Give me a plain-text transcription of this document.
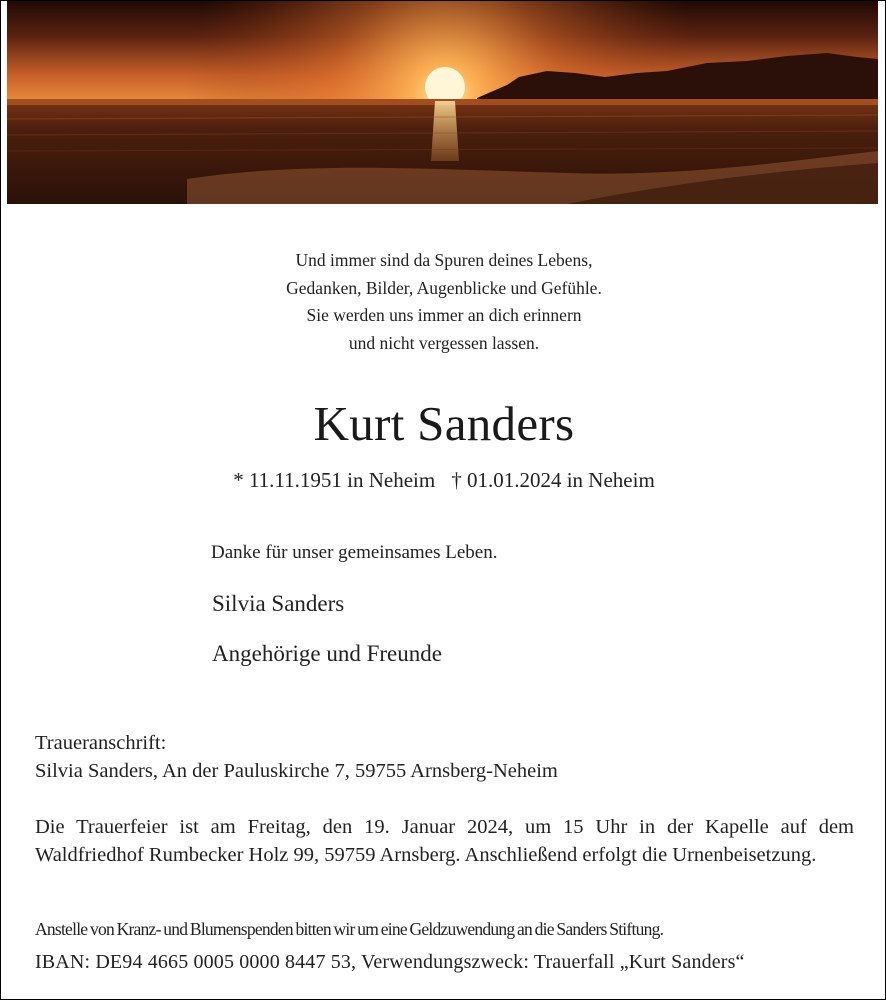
Und immer sind da Spuren deines Lebens,
Gedanken, Bilder, Augenblicke und Gefühle.
Sie werden uns immer an dich erinnern
und nicht vergessen lassen.
Kurt Sanders
* 11.11.1951 in Neheim † 01.01.2024 in Neheim
Danke für unser gemeinsames Leben.
Silvia Sanders
Angehörige und Freunde
Traueranschrift:
Silvia Sanders, An der Pauluskirche 7, 59755 Arnsberg-Neheim
Die Trauerfeier ist am Freitag, den 19. Januar 2024, um 15 Uhr in der Kapelle auf dem Waldfriedhof Rumbecker Holz 99, 59759 Arnsberg. Anschließend erfolgt die Urnenbeisetzung.
Anstelle von Kranz- und Blumenspenden bitten wir um eine Geldzuwendung an die Sanders Stiftung.
IBAN: DE94 4665 0005 0000 8447 53, Verwendungszweck: Trauerfall „Kurt Sanders“
